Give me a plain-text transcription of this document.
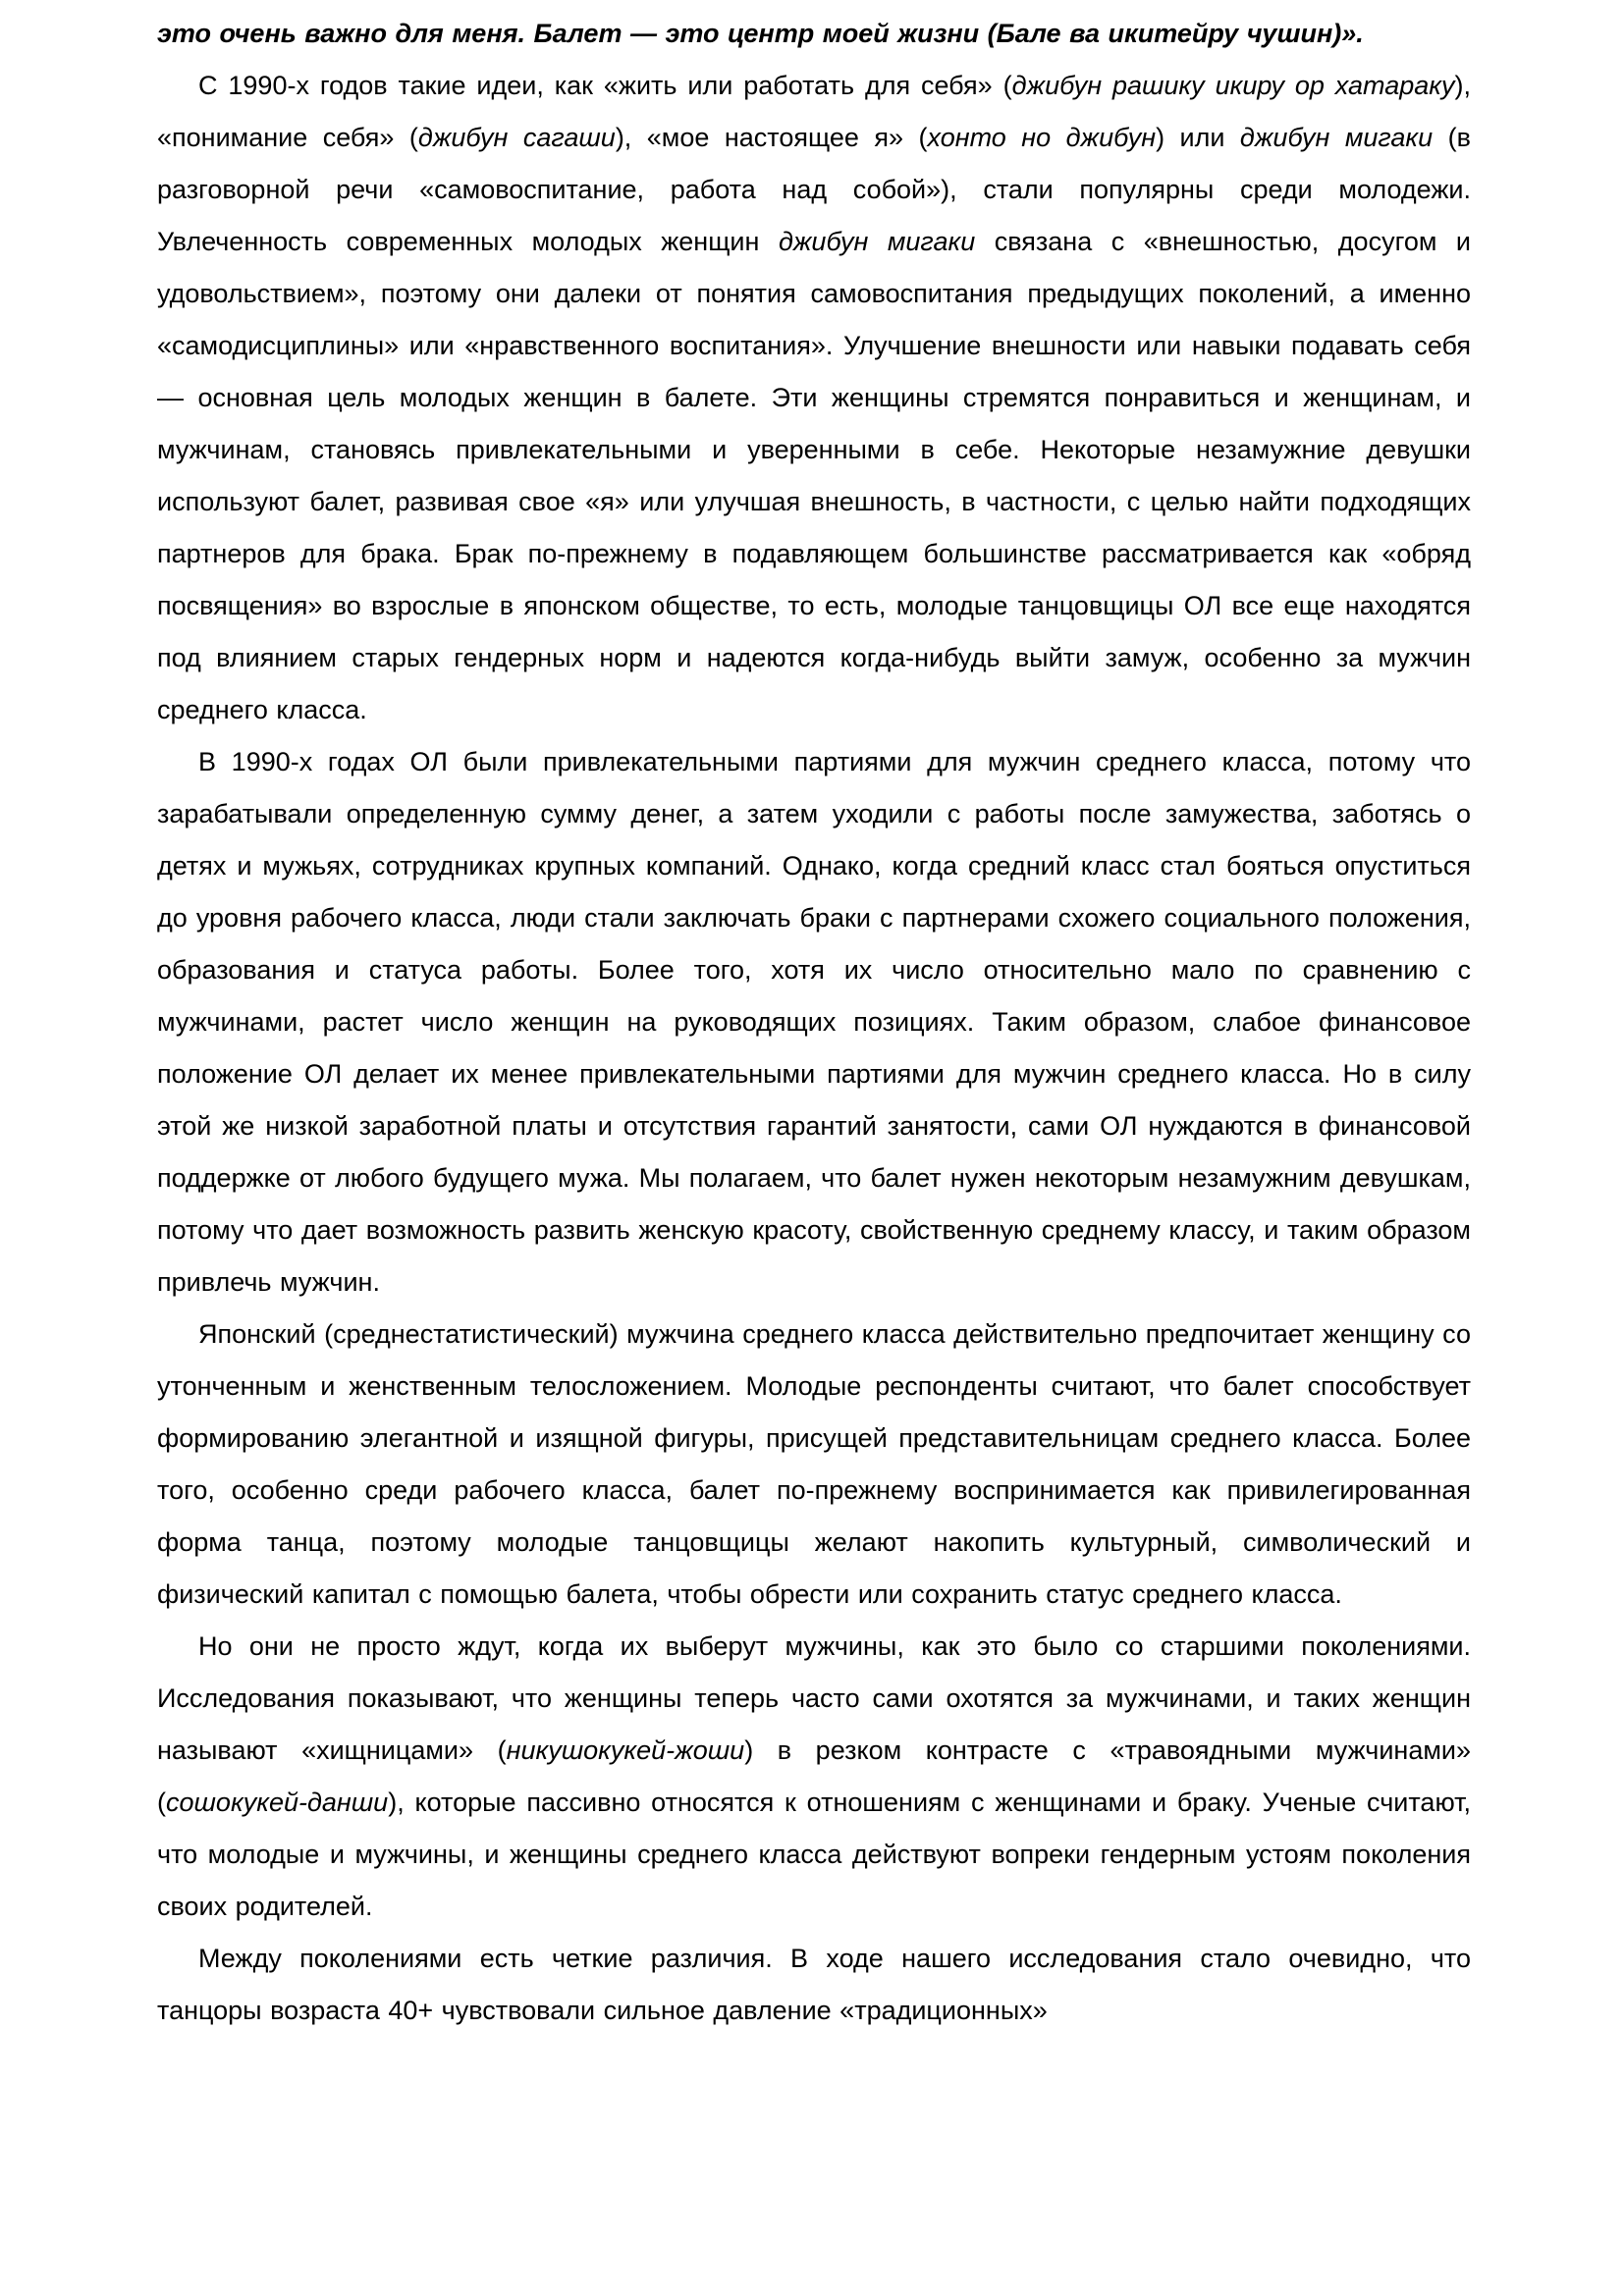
это очень важно для меня. Балет — это центр моей жизни (Бале ва икитейру чушин)».

С 1990-х годов такие идеи, как «жить или работать для себя» (джибун рашику икиру ор хатараку), «понимание себя» (джибун сагаши), «мое настоящее я» (хонто но джибун) или джибун мигаки (в разговорной речи «самовоспитание, работа над собой»), стали популярны среди молодежи. Увлеченность современных молодых женщин джибун мигаки связана с «внешностью, досугом и удовольствием», поэтому они далеки от понятия самовоспитания предыдущих поколений, а именно «самодисциплины» или «нравственного воспитания». Улучшение внешности или навыки подавать себя — основная цель молодых женщин в балете. Эти женщины стремятся понравиться и женщинам, и мужчинам, становясь привлекательными и уверенными в себе. Некоторые незамужние девушки используют балет, развивая свое «я» или улучшая внешность, в частности, с целью найти подходящих партнеров для брака. Брак по-прежнему в подавляющем большинстве рассматривается как «обряд посвящения» во взрослые в японском обществе, то есть, молодые танцовщицы ОЛ все еще находятся под влиянием старых гендерных норм и надеются когда-нибудь выйти замуж, особенно за мужчин среднего класса.

В 1990-х годах ОЛ были привлекательными партиями для мужчин среднего класса, потому что зарабатывали определенную сумму денег, а затем уходили с работы после замужества, заботясь о детях и мужьях, сотрудниках крупных компаний. Однако, когда средний класс стал бояться опуститься до уровня рабочего класса, люди стали заключать браки с партнерами схожего социального положения, образования и статуса работы. Более того, хотя их число относительно мало по сравнению с мужчинами, растет число женщин на руководящих позициях. Таким образом, слабое финансовое положение ОЛ делает их менее привлекательными партиями для мужчин среднего класса. Но в силу этой же низкой заработной платы и отсутствия гарантий занятости, сами ОЛ нуждаются в финансовой поддержке от любого будущего мужа. Мы полагаем, что балет нужен некоторым незамужним девушкам, потому что дает возможность развить женскую красоту, свойственную среднему классу, и таким образом привлечь мужчин.

Японский (среднестатистический) мужчина среднего класса действительно предпочитает женщину со утонченным и женственным телосложением. Молодые респонденты считают, что балет способствует формированию элегантной и изящной фигуры, присущей представительницам среднего класса. Более того, особенно среди рабочего класса, балет по-прежнему воспринимается как привилегированная форма танца, поэтому молодые танцовщицы желают накопить культурный, символический и физический капитал с помощью балета, чтобы обрести или сохранить статус среднего класса.

Но они не просто ждут, когда их выберут мужчины, как это было со старшими поколениями. Исследования показывают, что женщины теперь часто сами охотятся за мужчинами, и таких женщин называют «хищницами» (никушокукей-жоши) в резком контрасте с «травоядными мужчинами» (сошокукей-данши), которые пассивно относятся к отношениям с женщинами и браку. Ученые считают, что молодые и мужчины, и женщины среднего класса действуют вопреки гендерным устоям поколения своих родителей.

Между поколениями есть четкие различия. В ходе нашего исследования стало очевидно, что танцоры возраста 40+ чувствовали сильное давление «традиционных»
